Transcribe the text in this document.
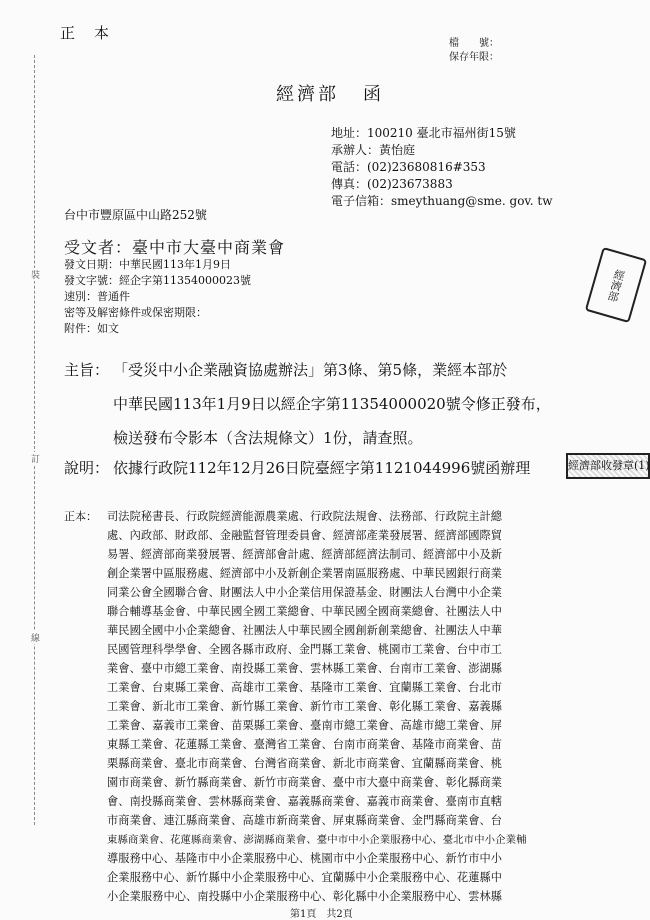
裝
訂
線
正　本
檔　　號：
保存年限：
經濟部 函
地址：100210 臺北市福州街15號
承辦人：黃怡庭
電話：(02)23680816#353
傳真：(02)23673883
電子信箱：smeythuang@sme. gov. tw
台中市豐原區中山路252號
受文者：臺中市大臺中商業會
發文日期：中華民國113年1月9日
發文字號：經企字第11354000023號
速別：普通件
密等及解密條件或保密期限：
附件：如文
主旨： 「受災中小企業融資協處辦法」第3條、第5條，業經本部於
中華民國113年1月9日以經企字第11354000020號令修正發布，
檢送發布令影本（含法規條文）1份，請查照。
說明： 依據行政院112年12月26日院臺經字第1121044996號函辦理
經濟部
經濟部收發章(1)
正本： 司法院秘書長、行政院經濟能源農業處、行政院法規會、法務部、行政院主計總
處、內政部、財政部、金融監督管理委員會、經濟部產業發展署、經濟部國際貿
易署、經濟部商業發展署、經濟部會計處、經濟部經濟法制司、經濟部中小及新
創企業署中區服務處、經濟部中小及新創企業署南區服務處、中華民國銀行商業
同業公會全國聯合會、財團法人中小企業信用保證基金、財團法人台灣中小企業
聯合輔導基金會、中華民國全國工業總會、中華民國全國商業總會、社團法人中
華民國全國中小企業總會、社團法人中華民國全國創新創業總會、社團法人中華
民國管理科學學會、全國各縣市政府、金門縣工業會、桃園市工業會、台中市工
業會、臺中市總工業會、南投縣工業會、雲林縣工業會、台南市工業會、澎湖縣
工業會、台東縣工業會、高雄市工業會、基隆市工業會、宜蘭縣工業會、台北市
工業會、新北市工業會、新竹縣工業會、新竹市工業會、彰化縣工業會、嘉義縣
工業會、嘉義市工業會、苗栗縣工業會、臺南市總工業會、高雄市總工業會、屏
東縣工業會、花蓮縣工業會、臺灣省工業會、台南市商業會、基隆市商業會、苗
栗縣商業會、臺北市商業會、台灣省商業會、新北市商業會、宜蘭縣商業會、桃
園市商業會、新竹縣商業會、新竹市商業會、臺中市大臺中商業會、彰化縣商業
會、南投縣商業會、雲林縣商業會、嘉義縣商業會、嘉義市商業會、臺南市直轄
市商業會、連江縣商業會、高雄市新商業會、屏東縣商業會、金門縣商業會、台
東縣商業會、花蓮縣商業會、澎湖縣商業會、臺中市中小企業服務中心、臺北市中小企業輔
導服務中心、基隆市中小企業服務中心、桃園市中小企業服務中心、新竹市中小
企業服務中心、新竹縣中小企業服務中心、宜蘭縣中小企業服務中心、花蓮縣中
小企業服務中心、南投縣中小企業服務中心、彰化縣中小企業服務中心、雲林縣
第1頁　共2頁
